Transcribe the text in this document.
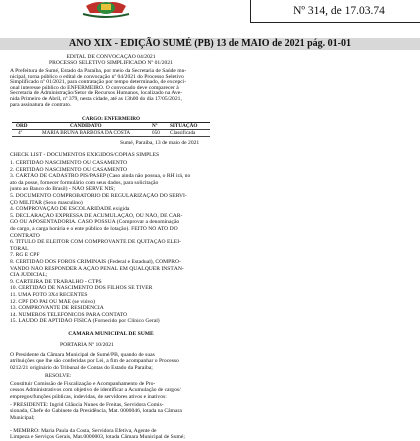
Nº 314, de 17.03.74
ANO XIX - EDIÇÃO SUMÉ (PB) 13 de MAIO de 2021 pág. 01-01
EDITAL DE CONVOCAÇÃO 04/2021
PROCESSO SELETIVO SIMPLIFICADO Nº 01/2021
A Prefeitura de Sumé, Estado da Paraíba, por meio da Secretaria de Saúde mu-
nicipal, torna público o edital de convocação nº 04/2021 do Processo Seletivo
Simplificado nº 01/2021, para contratação por tempo determinado, de excepci-
onal interesse público do ENFERMEIRO. O convocado deve comparecer à
Secretaria de Administração/Setor de Recursos Humanos, localizado na Ave-
nida Primeiro de Abril, nº 379, nesta cidade, até as 13h00 do dia 17/05/2021,
para assinatura de contrato.
CARGO: ENFERMEIRO
ORD	CANDIDATO	Nº SITUAÇÃO
4º	MARIA BRUNA BARBOSA DA COSTA	050 Classificada
Sumé, Paraíba, 13 de maio de 2021
CHECK LIST - DOCUMENTOS EXIGIDOS/CÓPIAS SIMPLES
1. CERTIDÃO NASCIMENTO OU CASAMENTO
2. CERTIDÃO NASCIMENTO OU CASAMENTO
3. CARTÃO DE CADASTRO PIS/PASEP (Caso ainda não possua, o RH irá, no
ato da posse, fornecer formulário com seus dados, para solicitação
junto ao Banco do Brasil) - NÃO SERVE NIS;
5. DOCUMENTO COMPROBATÓRIO DE REGULARIZAÇÃO DO SERVI-
ÇO MILITAR (Sexo masculino)
4. COMPROVAÇÃO DE ESCOLARIDADE exigida
5. DECLARAÇÃO EXPRESSA DE ACUMULAÇÃO, OU NÃO, DE CAR-
GO OU APOSENTADORIA. CASO POSSUA (Comprovar a denominação
do cargo, a carga horária e o ente público de lotação). FEITO NO ATO DO
CONTRATO
6. TÍTULO DE ELEITOR COM COMPROVANTE DE QUITAÇÃO ELEI-
TORAL
7. RG E CPF
8. CERTIDÃO DOS FOROS CRIMINAIS (Federal e Estadual), COMPRO-
VANDO NÃO RESPONDER A AÇÃO PENAL EM QUALQUER INSTÂN-
CIA JUDICIAL;
9. CARTEIRA DE TRABALHO - CTPS
10. CERTIDÃO DE NASCIMENTO DOS FILHOS SE TIVER
11. UMA FOTO 3X4 RECENTES
12. CPF DO PAI OU MÃE (se viúvo)
13. COMPROVANTE DE RESIDÊNCIA
14. NÚMEROS TELEFÔNICOS PARA CONTATO
15. LAUDO DE APTIDÃO FÍSICA (Fornecido por Clínico Geral)
CÂMARA MUNICIPAL DE SUMÉ
PORTARIA Nº 10/2021
O Presidente da Câmara Municipal de Sumé/PB, quando de suas
atribuições que lhe são conferidas por Lei, a fim de acompanhar o Processo
0212/21 originário do Tribunal de Contas do Estado da Paraíba;
RESOLVE:
Constituir Comissão de Fiscalização e Acompanhamento de Pro-
cessos Administrativos com objetivo de identificar a Acumulação de cargos/
empregos/funções públicas, indevidas, de servidores ativos e inativos:
- PRESIDENTE: Ingrid Glâucia Nunes de Freitas, Servidora Comis-
sionada, Chefe do Gabinete da Presidência, Mat. 0000046, lotada na Câmara
Municipal;
- MEMBRO: Maria Paula da Costa, Servidora Efetiva, Agente de
Limpeza e Serviços Gerais, Mat.0000003, lotada Câmara Municipal de Sumé;
